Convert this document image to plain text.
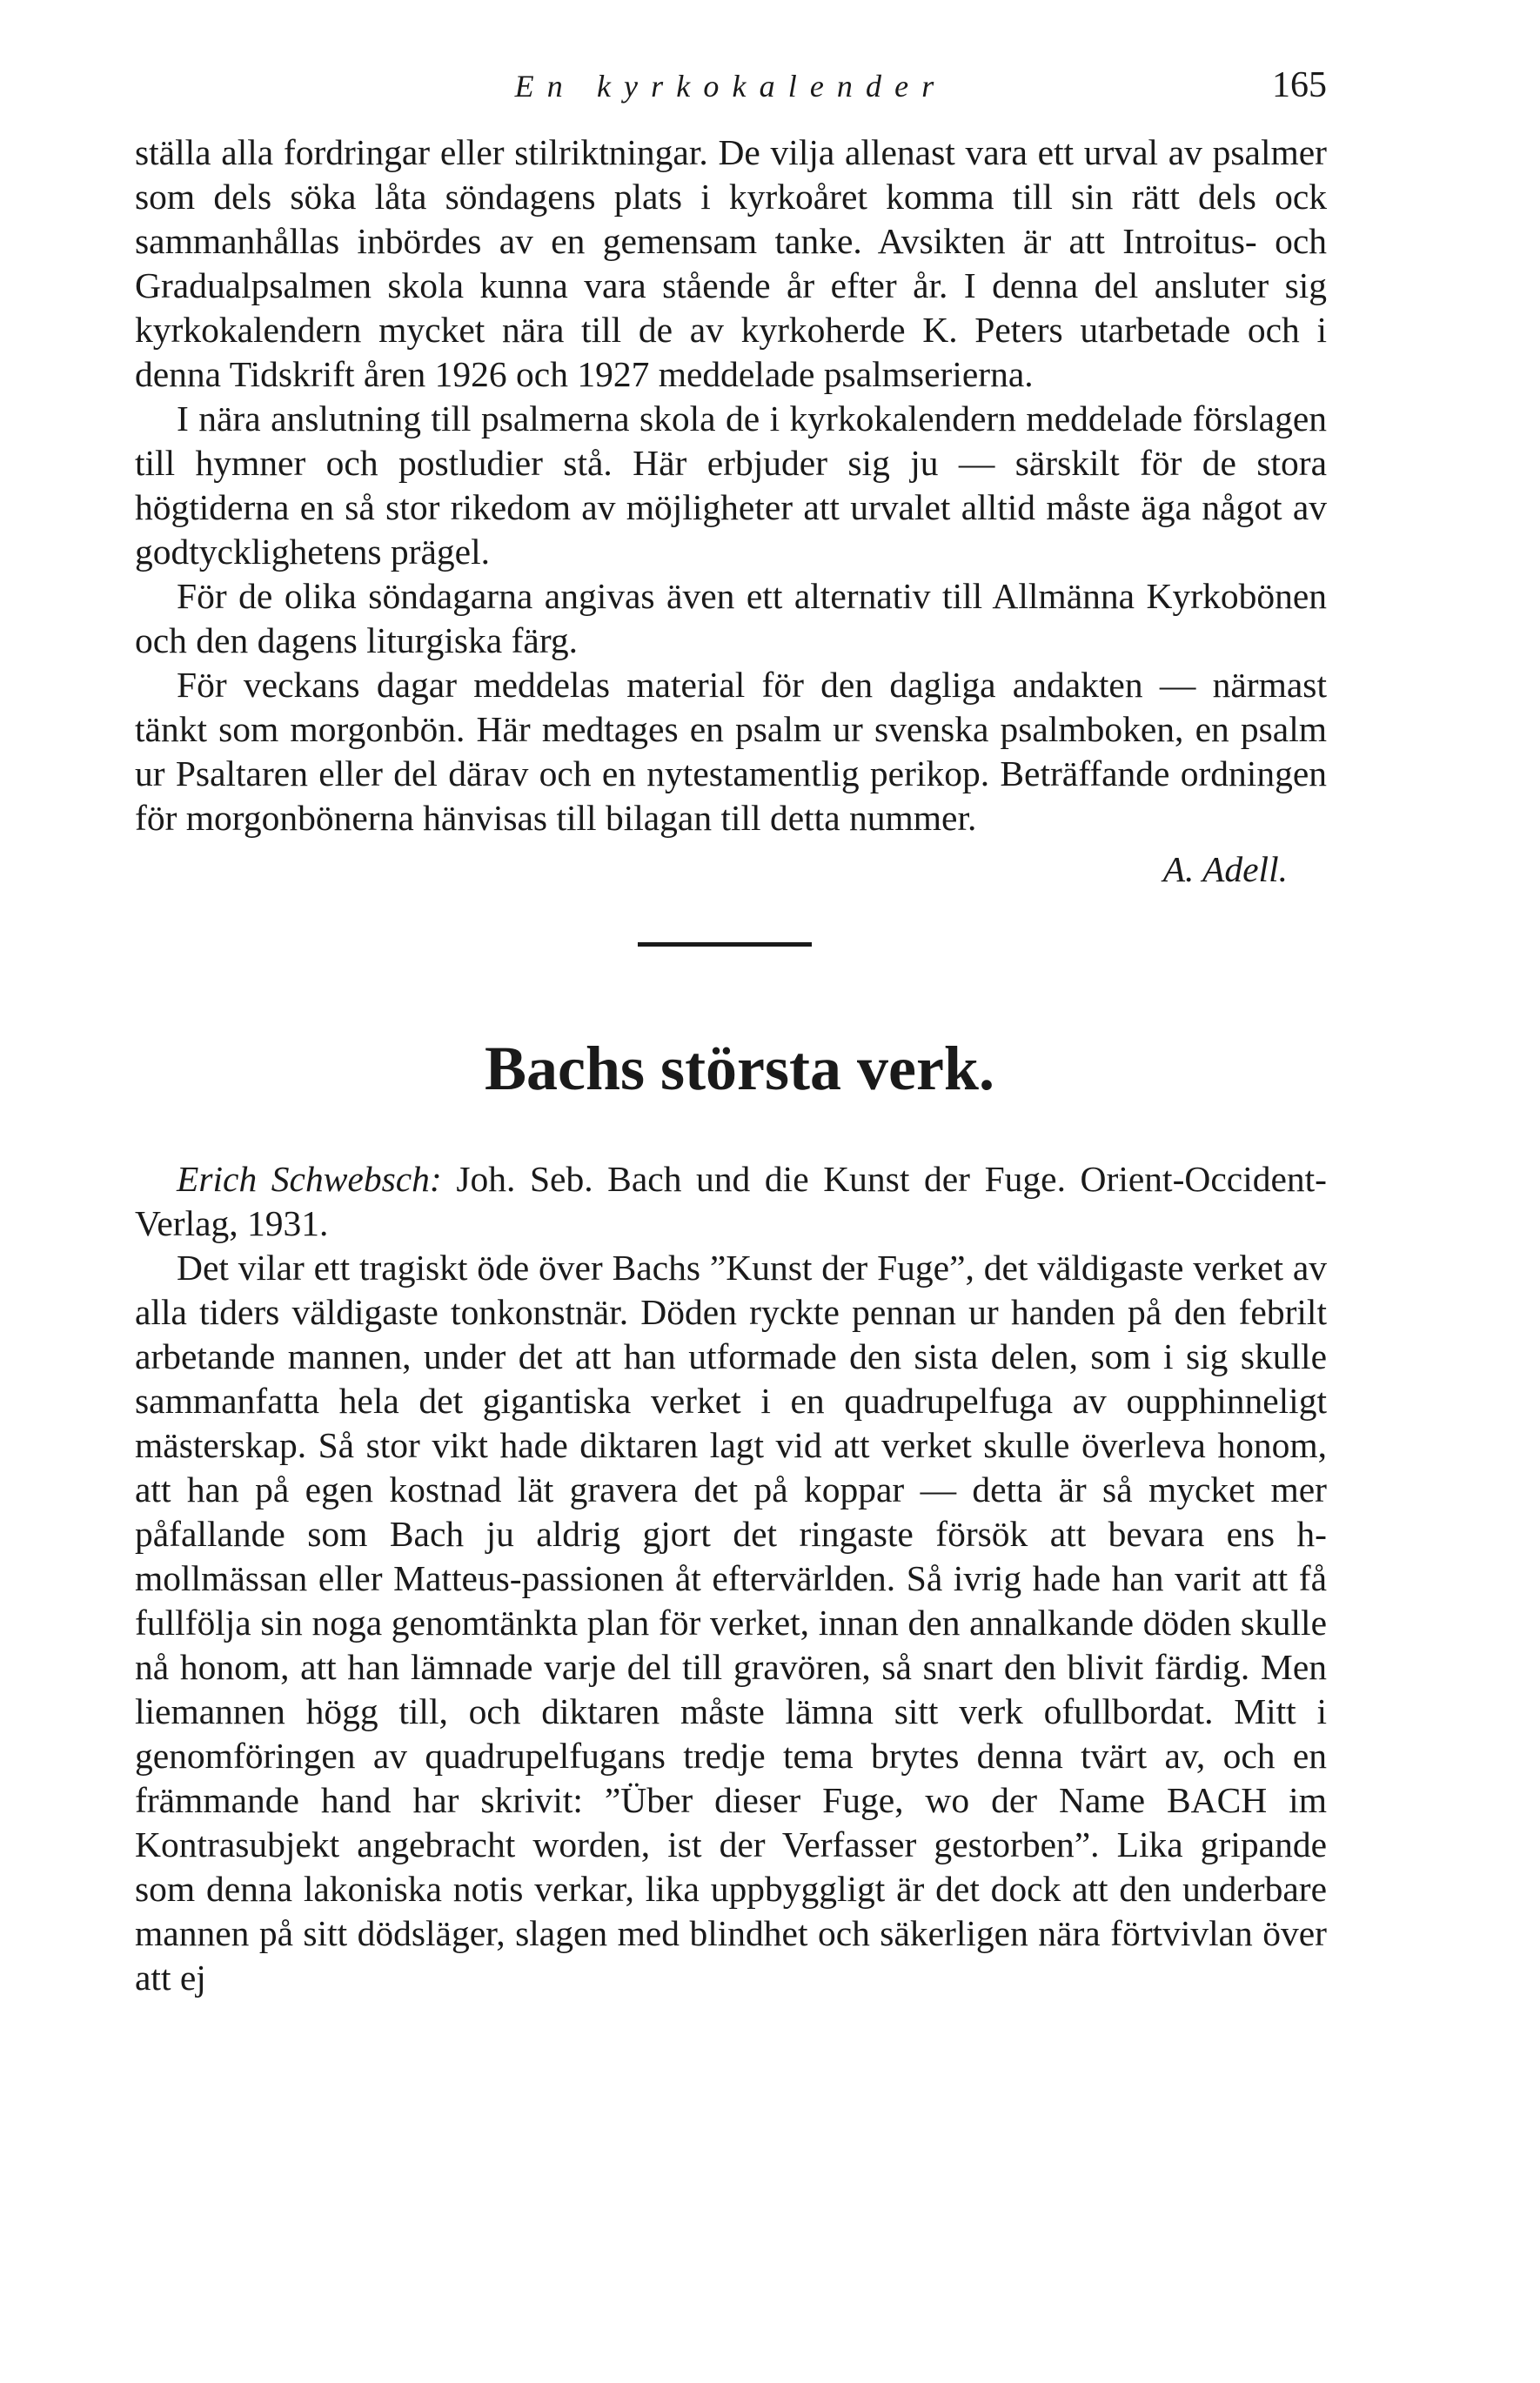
En kyrkokalender	165

ställa alla fordringar eller stilriktningar. De vilja allenast vara ett urval av psalmer som dels söka låta söndagens plats i kyrkoåret komma till sin rätt dels ock sammanhållas inbördes av en gemensam tanke. Avsikten är att Introitus- och Gradualpsalmen skola kunna vara stående år efter år. I denna del ansluter sig kyrkokalendern mycket nära till de av kyrkoherde K. Peters utarbetade och i denna Tidskrift åren 1926 och 1927 meddelade psalmserierna.

I nära anslutning till psalmerna skola de i kyrkokalendern meddelade förslagen till hymner och postludier stå. Här erbjuder sig ju — särskilt för de stora högtiderna en så stor rikedom av möjligheter att urvalet alltid måste äga något av godtycklighetens prägel.

För de olika söndagarna angivas även ett alternativ till Allmänna Kyrkobönen och den dagens liturgiska färg.

För veckans dagar meddelas material för den dagliga andakten — närmast tänkt som morgonbön. Här medtages en psalm ur svenska psalmboken, en psalm ur Psaltaren eller del därav och en nytestamentlig perikop. Beträffande ordningen för morgonbönerna hänvisas till bilagan till detta nummer.

A. Adell.
Bachs största verk.

Erich Schwebsch: Joh. Seb. Bach und die Kunst der Fuge. Orient-Occident-Verlag, 1931.

Det vilar ett tragiskt öde över Bachs ”Kunst der Fuge”, det väldigaste verket av alla tiders väldigaste tonkonstnär. Döden ryckte pennan ur handen på den febrilt arbetande mannen, under det att han utformade den sista delen, som i sig skulle sammanfatta hela det gigantiska verket i en quadrupelfuga av oupphinneligt mästerskap. Så stor vikt hade diktaren lagt vid att verket skulle överleva honom, att han på egen kostnad lät gravera det på koppar — detta är så mycket mer påfallande som Bach ju aldrig gjort det ringaste försök att bevara ens h-mollmässan eller Matteus-passionen åt eftervärlden. Så ivrig hade han varit att få fullfölja sin noga genomtänkta plan för verket, innan den annalkande döden skulle nå honom, att han lämnade varje del till gravören, så snart den blivit färdig. Men liemannen högg till, och diktaren måste lämna sitt verk ofullbordat. Mitt i genomföringen av quadrupelfugans tredje tema brytes denna tvärt av, och en främmande hand har skrivit: ”Über dieser Fuge, wo der Name BACH im Kontrasubjekt angebracht worden, ist der Verfasser gestorben”. Lika gripande som denna lakoniska notis verkar, lika uppbyggligt är det dock att den underbare mannen på sitt dödsläger, slagen med blindhet och säkerligen nära förtvivlan över att ej
